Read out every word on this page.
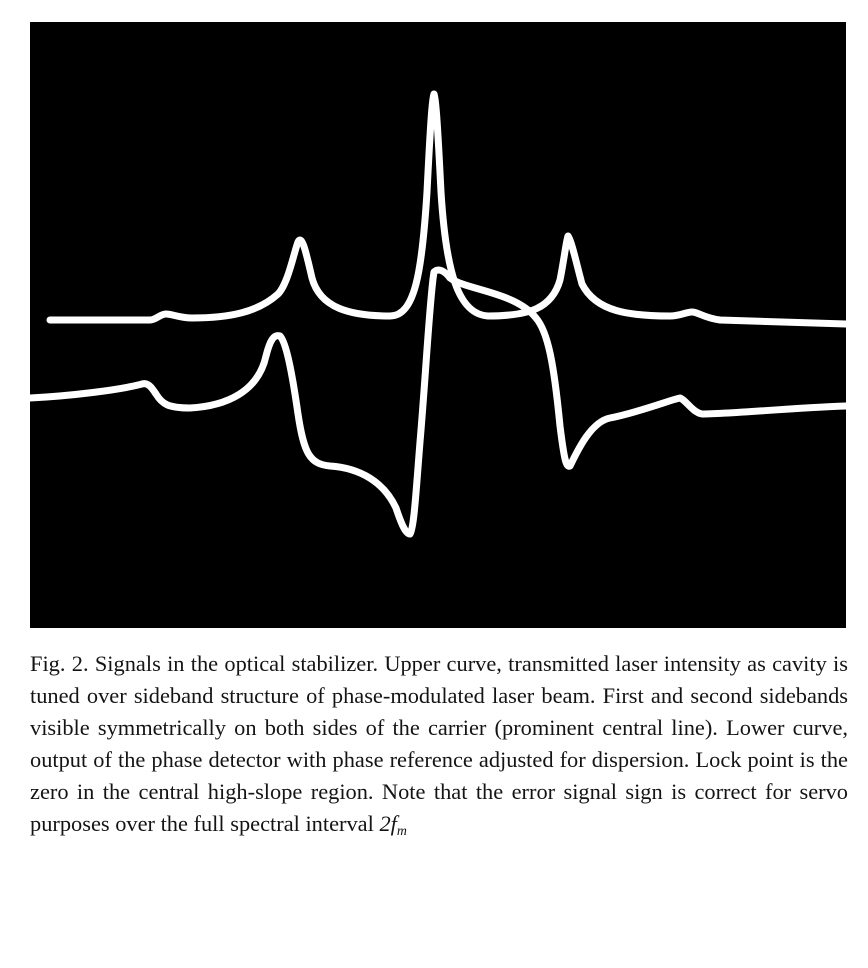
Fig. 2. Signals in the optical stabilizer. Upper curve, transmitted laser intensity as cavity is tuned over sideband structure of phase-modulated laser beam. First and second sidebands visible symmetrically on both sides of the carrier (prominent central line). Lower curve, output of the phase detector with phase reference adjusted for dispersion. Lock point is the zero in the central high-slope region. Note that the error signal sign is correct for servo purposes over the full spectral interval $2f_m$
